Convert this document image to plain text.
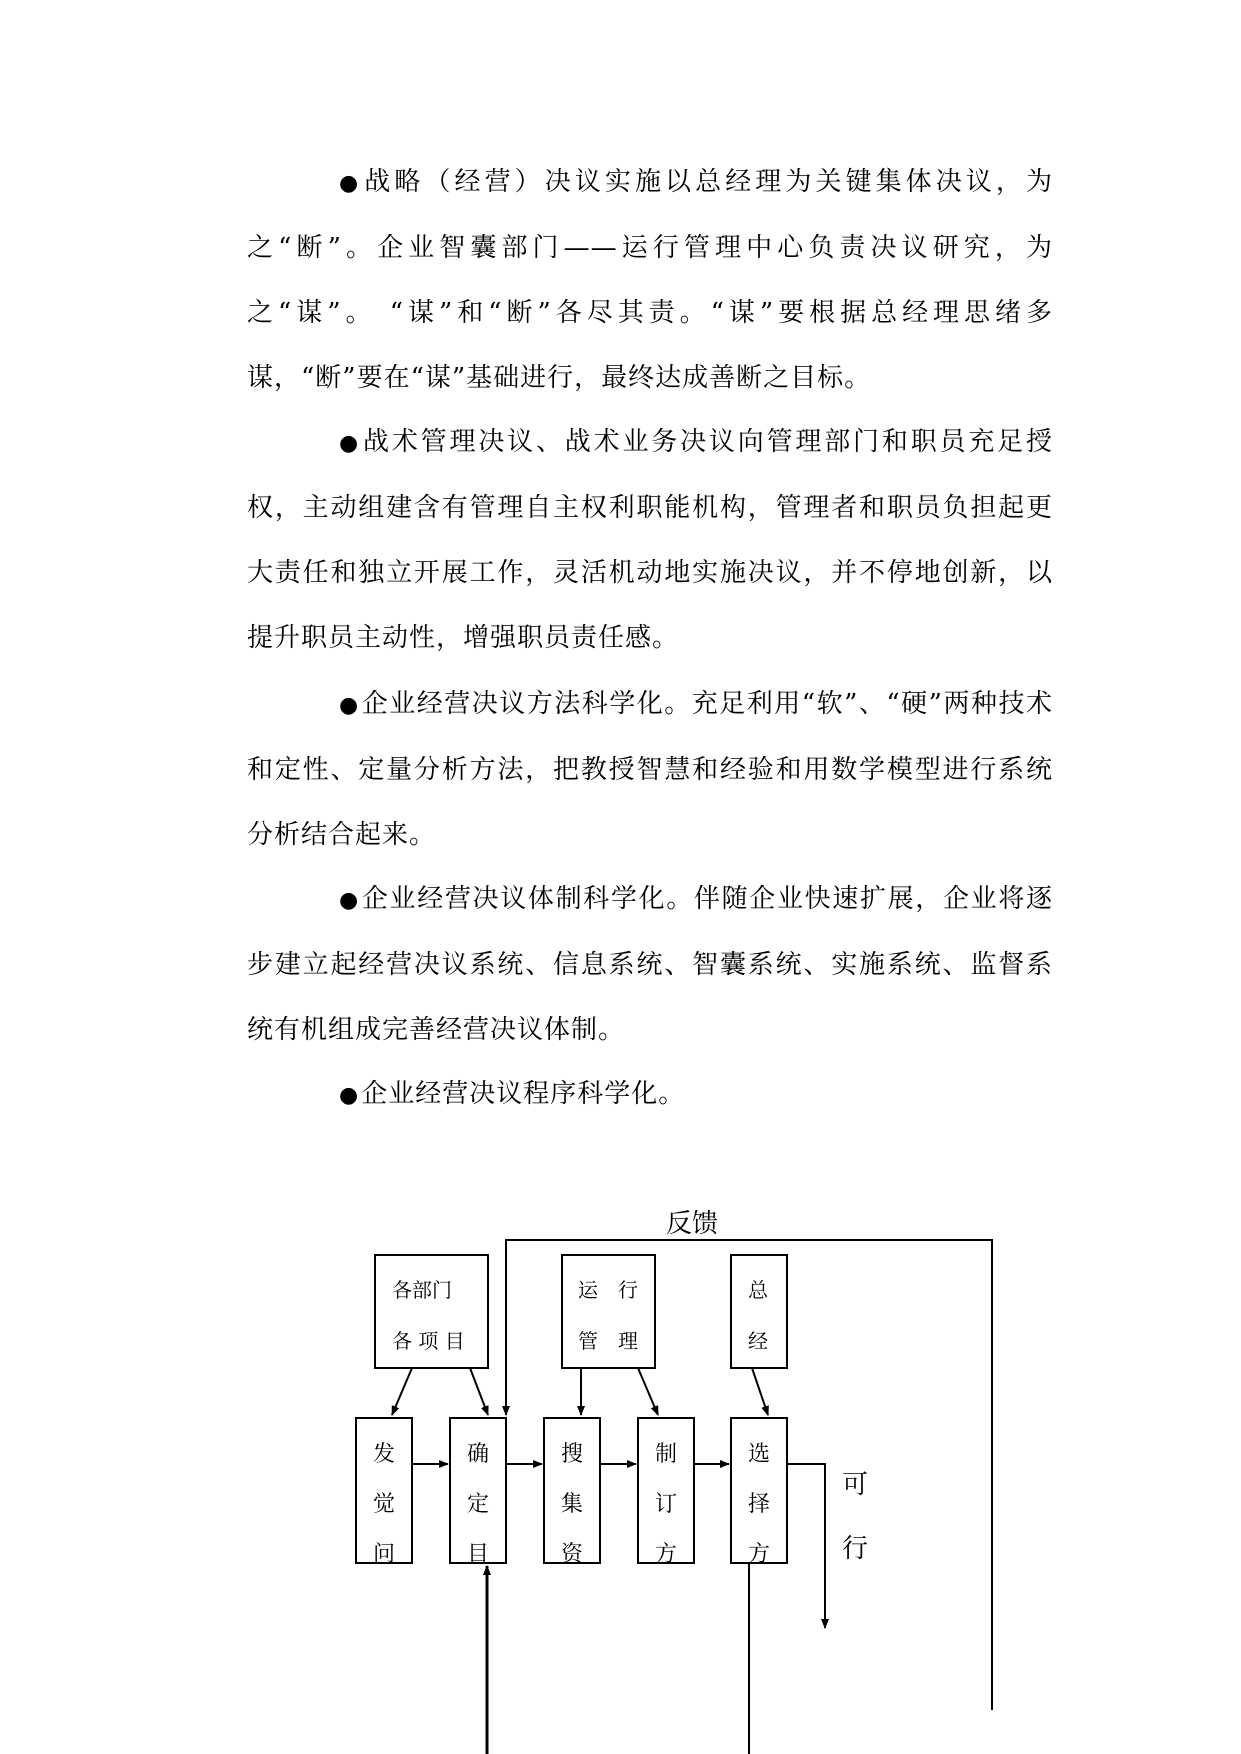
●战略（经营）决议实施以总经理为关键集体决议，为之“断”。企业智囊部门——运行管理中心负责决议研究，为之“谋”。 “谋”和“断”各尽其责。“谋”要根据总经理思绪多谋，“断”要在“谋”基础进行，最终达成善断之目标。

●战术管理决议、战术业务决议向管理部门和职员充足授权，主动组建含有管理自主权利职能机构，管理者和职员负担起更大责任和独立开展工作，灵活机动地实施决议，并不停地创新，以提升职员主动性，增强职员责任感。

●企业经营决议方法科学化。充足利用“软”、“硬”两种技术和定性、定量分析方法，把教授智慧和经验和用数学模型进行系统分析结合起来。

●企业经营决议体制科学化。伴随企业快速扩展，企业将逐步建立起经营决议系统、信息系统、智囊系统、实施系统、监督系统有机组成完善经营决议体制。

●企业经营决议程序科学化。

反馈
各部门
各 项 目
运　行
管　理
总
经
发
觉
问
确
定
目
搜
集
资
制
订
方
选
择
方
可
行
